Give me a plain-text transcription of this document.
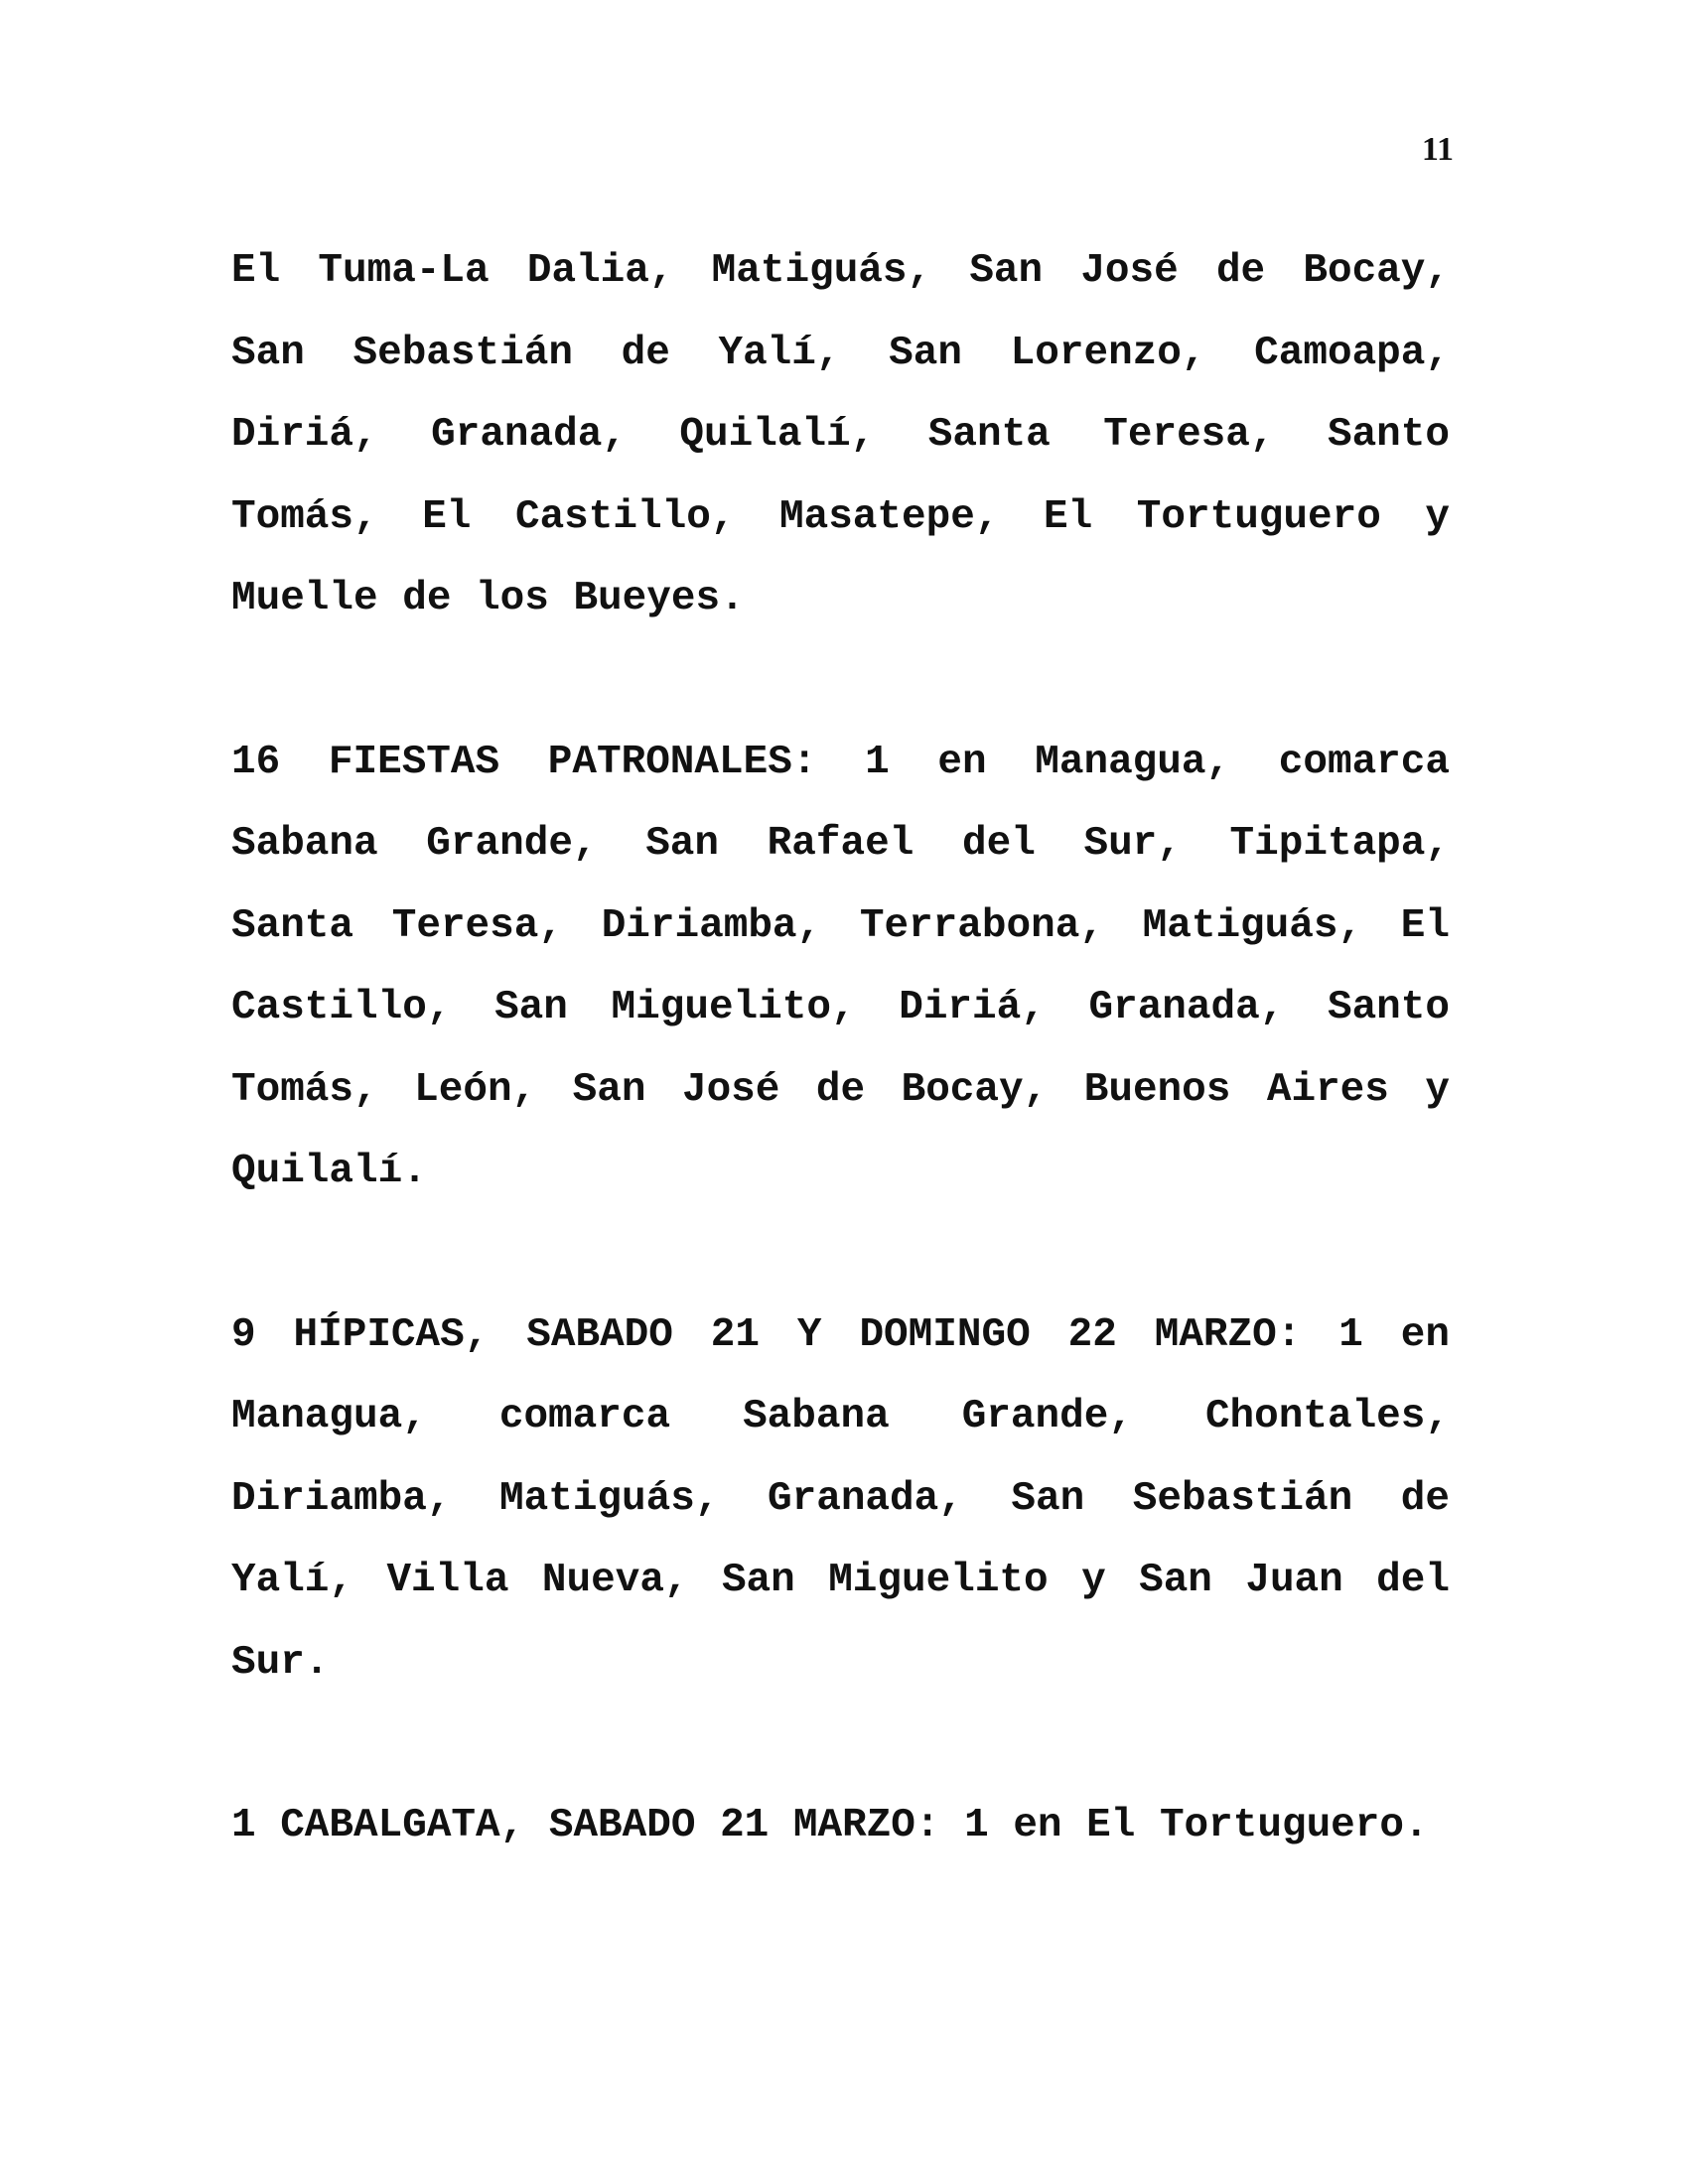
11

El Tuma-La Dalia, Matiguás, San José de Bocay, San Sebastián de Yalí, San Lorenzo, Camoapa, Diriá, Granada, Quilalí, Santa Teresa, Santo Tomás, El Castillo, Masatepe, El Tortuguero y Muelle de los Bueyes.

16 FIESTAS PATRONALES: 1 en Managua, comarca Sabana Grande, San Rafael del Sur, Tipitapa, Santa Teresa, Diriamba, Terrabona, Matiguás, El Castillo, San Miguelito, Diriá, Granada, Santo Tomás, León, San José de Bocay, Buenos Aires y Quilalí.

9 HÍPICAS, SABADO 21 Y DOMINGO 22 MARZO: 1 en Managua, comarca Sabana Grande, Chontales, Diriamba, Matiguás, Granada, San Sebastián de Yalí, Villa Nueva, San Miguelito y San Juan del Sur.

1 CABALGATA, SABADO 21 MARZO: 1 en El Tortuguero.
